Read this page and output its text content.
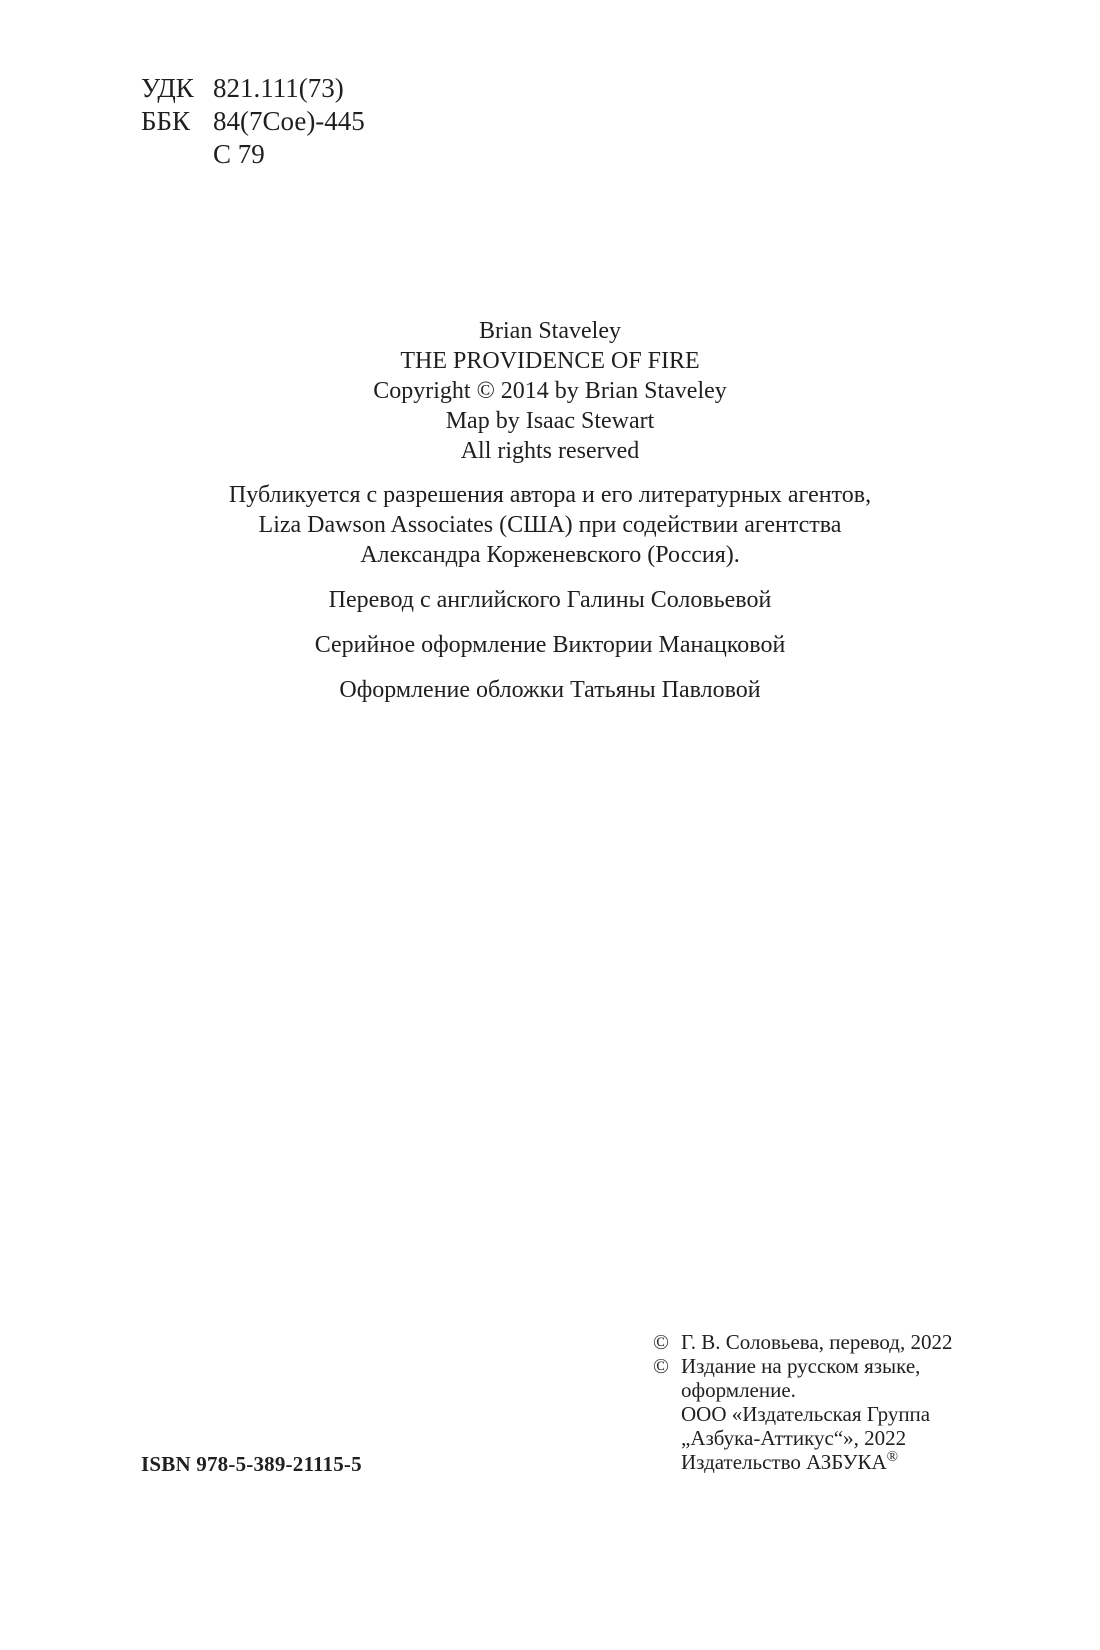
УДК 821.111(73)
ББК 84(7Сое)-445
С 79
Brian Staveley
THE PROVIDENCE OF FIRE
Copyright © 2014 by Brian Staveley
Map by Isaac Stewart
All rights reserved
Публикуется с разрешения автора и его литературных агентов,
Liza Dawson Associates (США) при содействии агентства
Александра Корженевского (Россия).
Перевод с английского Галины Соловьевой
Серийное оформление Виктории Манацковой
Оформление обложки Татьяны Павловой
© Г. В. Соловьева, перевод, 2022
© Издание на русском языке,
оформление.
ООО «Издательская Группа
„Азбука-Аттикус“», 2022
Издательство АЗБУКА®
ISBN 978-5-389-21115-5
